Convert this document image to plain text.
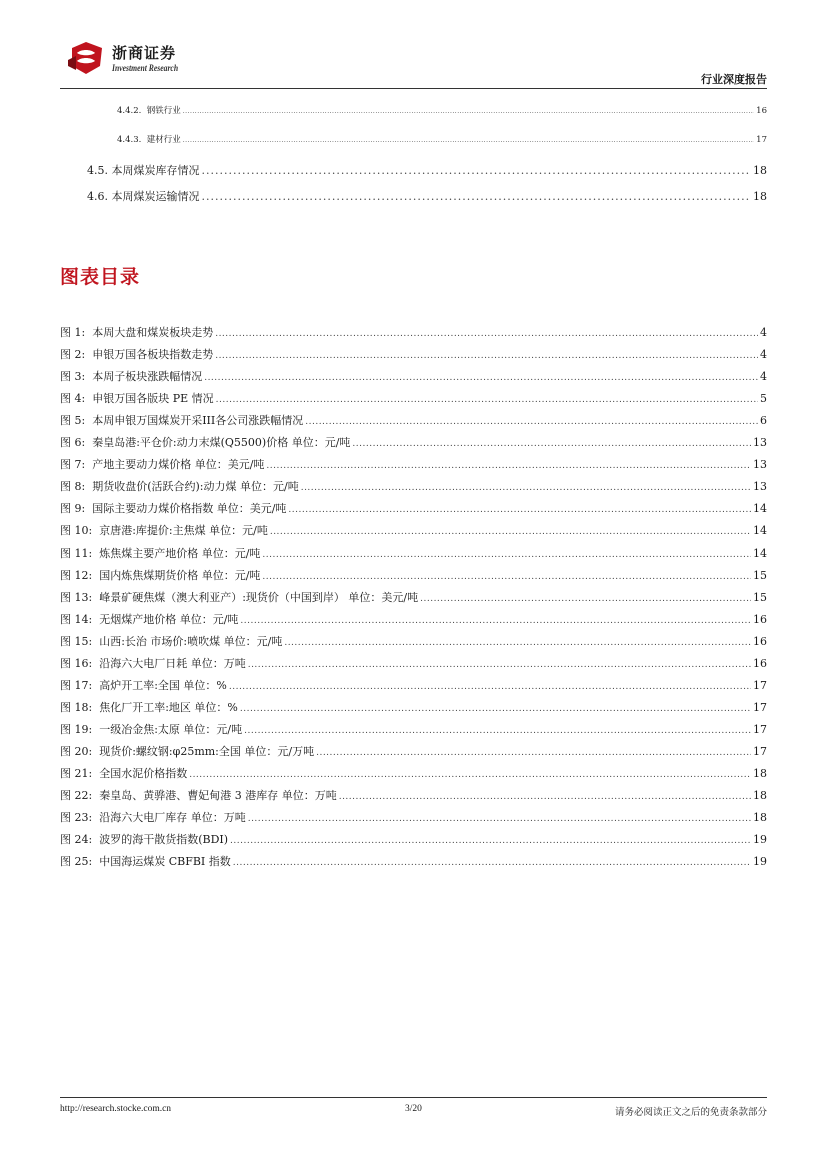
浙商证券
Investment Research
行业深度报告
4.4.2. 钢铁行业 .....	16
4.4.3. 建材行业 .....	17
4.5. 本周煤炭库存情况 .....	18
4.6. 本周煤炭运输情况 .....	18
图表目录
图 1: 本周大盘和煤炭板块走势 .....	4
图 2: 申银万国各板块指数走势 .....	4
图 3: 本周子板块涨跌幅情况 .....	4
图 4: 申银万国各版块 PE 情况 .....	5
图 5: 本周申银万国煤炭开采III各公司涨跌幅情况 .....	6
图 6: 秦皇岛港:平仓价:动力末煤(Q5500)价格 单位：元/吨 .....	13
图 7: 产地主要动力煤价格 单位：美元/吨 .....	13
图 8: 期货收盘价(活跃合约):动力煤 单位：元/吨 .....	13
图 9: 国际主要动力煤价格指数 单位：美元/吨 .....	14
图 10: 京唐港:库提价:主焦煤 单位：元/吨 .....	14
图 11: 炼焦煤主要产地价格 单位：元/吨 .....	14
图 12: 国内炼焦煤期货价格 单位：元/吨 .....	15
图 13: 峰景矿硬焦煤（澳大利亚产）:现货价（中国到岸） 单位：美元/吨 .....	15
图 14: 无烟煤产地价格 单位：元/吨 .....	16
图 15: 山西:长治 市场价:喷吹煤 单位：元/吨 .....	16
图 16: 沿海六大电厂日耗 单位：万吨 .....	16
图 17: 高炉开工率:全国 单位：% .....	17
图 18: 焦化厂开工率:地区 单位：% .....	17
图 19: 一级冶金焦:太原 单位：元/吨 .....	17
图 20: 现货价:螺纹钢:φ25mm:全国 单位：元/万吨 .....	17
图 21: 全国水泥价格指数 .....	18
图 22: 秦皇岛、黄骅港、曹妃甸港 3 港库存 单位：万吨 .....	18
图 23: 沿海六大电厂库存 单位：万吨 .....	18
图 24: 波罗的海干散货指数(BDI) .....	19
图 25: 中国海运煤炭 CBFBI 指数 .....	19
http://research.stocke.com.cn	3/20	请务必阅读正文之后的免责条款部分
